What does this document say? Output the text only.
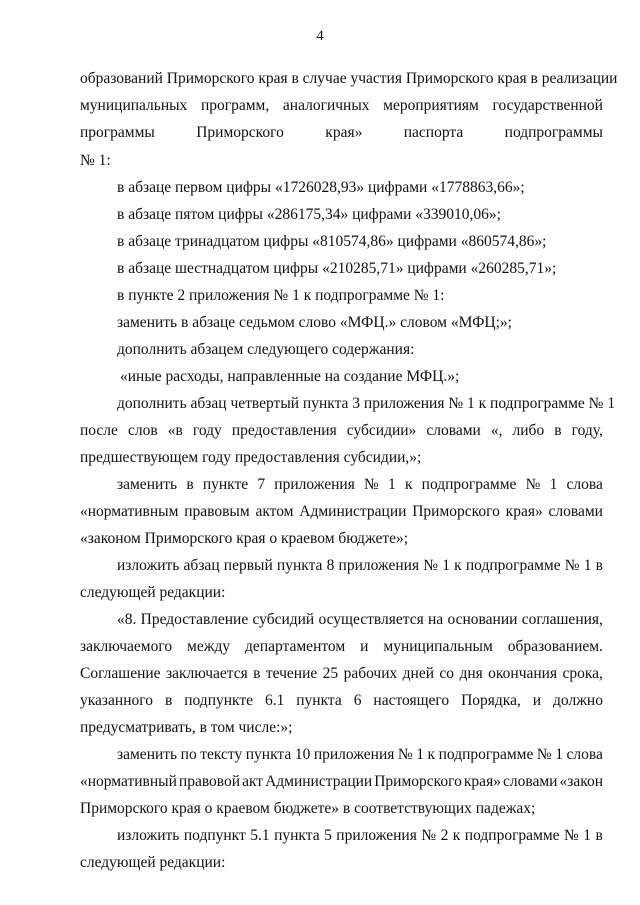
4
образований Приморского края в случае участия Приморского края в реализации
муниципальных программ, аналогичных мероприятиям государственной
программы	Приморского	края»	паспорта	подпрограммы
№ 1:
в абзаце первом цифры «1726028,93» цифрами «1778863,66»;
в абзаце пятом цифры «286175,34» цифрами «339010,06»;
в абзаце тринадцатом цифры «810574,86» цифрами «860574,86»;
в абзаце шестнадцатом цифры «210285,71» цифрами «260285,71»;
в пункте 2 приложения № 1 к подпрограмме № 1:
заменить в абзаце седьмом слово «МФЦ.» словом «МФЦ;»;
дополнить абзацем следующего содержания:
«иные расходы, направленные на создание МФЦ.»;
дополнить абзац четвертый пункта 3 приложения № 1 к подпрограмме № 1
после слов «в году предоставления субсидии» словами «, либо в году,
предшествующем году предоставления субсидии,»;
заменить в пункте 7 приложения № 1 к подпрограмме № 1 слова
«нормативным правовым актом Администрации Приморского края» словами
«законом Приморского края о краевом бюджете»;
изложить абзац первый пункта 8 приложения № 1 к подпрограмме № 1 в
следующей редакции:
«8. Предоставление субсидий осуществляется на основании соглашения,
заключаемого между департаментом и муниципальным образованием.
Соглашение заключается в течение 25 рабочих дней со дня окончания срока,
указанного в подпункте 6.1 пункта 6 настоящего Порядка, и должно
предусматривать, в том числе:»;
заменить по тексту пункта 10 приложения № 1 к подпрограмме № 1 слова
«нормативный правовой акт Администрации Приморского края» словами «закон
Приморского края о краевом бюджете» в соответствующих падежах;
изложить подпункт 5.1 пункта 5 приложения № 2 к подпрограмме № 1 в
следующей редакции:
